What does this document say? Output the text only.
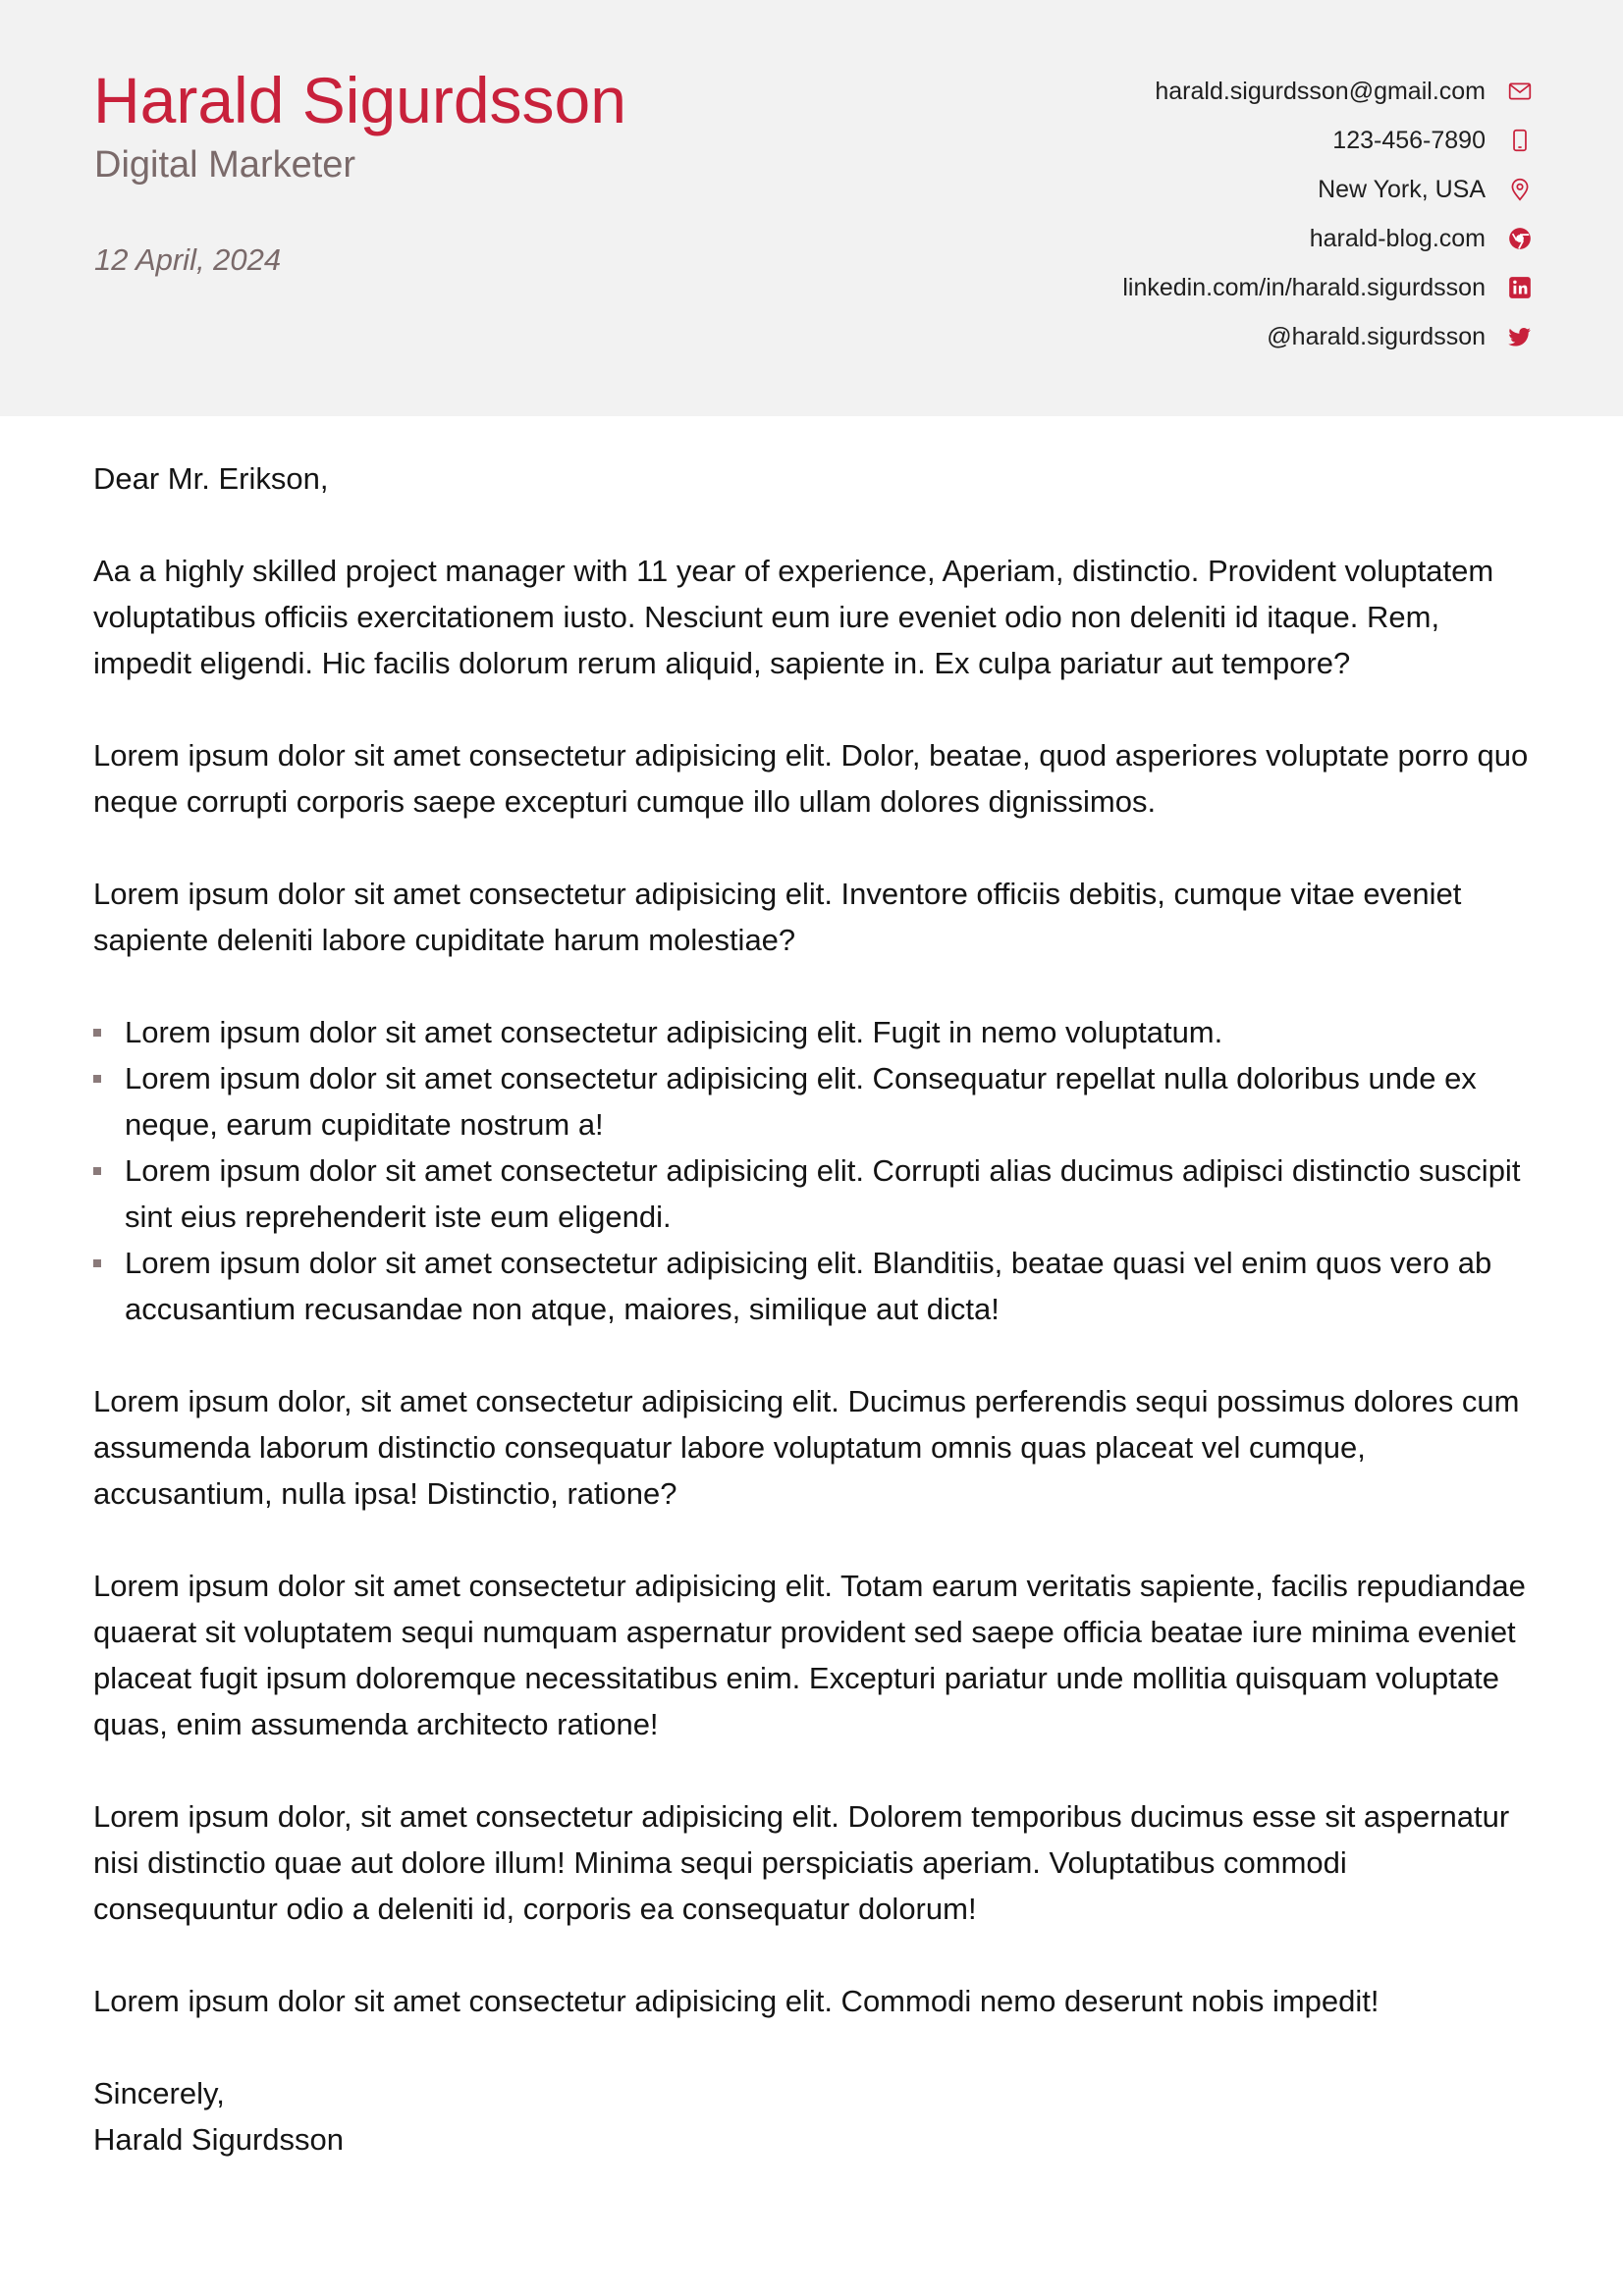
Harald Sigurdsson
Digital Marketer
12 April, 2024
harald.sigurdsson@gmail.com
123-456-7890
New York, USA
harald-blog.com
linkedin.com/in/harald.sigurdsson
@harald.sigurdsson

Dear Mr. Erikson,

Aa a highly skilled project manager with 11 year of experience, Aperiam, distinctio. Provident voluptatem voluptatibus officiis exercitationem iusto. Nesciunt eum iure eveniet odio non deleniti id itaque. Rem, impedit eligendi. Hic facilis dolorum rerum aliquid, sapiente in. Ex culpa pariatur aut tempore?

Lorem ipsum dolor sit amet consectetur adipisicing elit. Dolor, beatae, quod asperiores voluptate porro quo neque corrupti corporis saepe excepturi cumque illo ullam dolores dignissimos.

Lorem ipsum dolor sit amet consectetur adipisicing elit. Inventore officiis debitis, cumque vitae eveniet sapiente deleniti labore cupiditate harum molestiae?

Lorem ipsum dolor sit amet consectetur adipisicing elit. Fugit in nemo voluptatum.
Lorem ipsum dolor sit amet consectetur adipisicing elit. Consequatur repellat nulla doloribus unde ex neque, earum cupiditate nostrum a!
Lorem ipsum dolor sit amet consectetur adipisicing elit. Corrupti alias ducimus adipisci distinctio suscipit sint eius reprehenderit iste eum eligendi.
Lorem ipsum dolor sit amet consectetur adipisicing elit. Blanditiis, beatae quasi vel enim quos vero ab accusantium recusandae non atque, maiores, similique aut dicta!

Lorem ipsum dolor, sit amet consectetur adipisicing elit. Ducimus perferendis sequi possimus dolores cum assumenda laborum distinctio consequatur labore voluptatum omnis quas placeat vel cumque, accusantium, nulla ipsa! Distinctio, ratione?

Lorem ipsum dolor sit amet consectetur adipisicing elit. Totam earum veritatis sapiente, facilis repudiandae quaerat sit voluptatem sequi numquam aspernatur provident sed saepe officia beatae iure minima eveniet placeat fugit ipsum doloremque necessitatibus enim. Excepturi pariatur unde mollitia quisquam voluptate quas, enim assumenda architecto ratione!

Lorem ipsum dolor, sit amet consectetur adipisicing elit. Dolorem temporibus ducimus esse sit aspernatur nisi distinctio quae aut dolore illum! Minima sequi perspiciatis aperiam. Voluptatibus commodi consequuntur odio a deleniti id, corporis ea consequatur dolorum!

Lorem ipsum dolor sit amet consectetur adipisicing elit. Commodi nemo deserunt nobis impedit!

Sincerely,
Harald Sigurdsson
